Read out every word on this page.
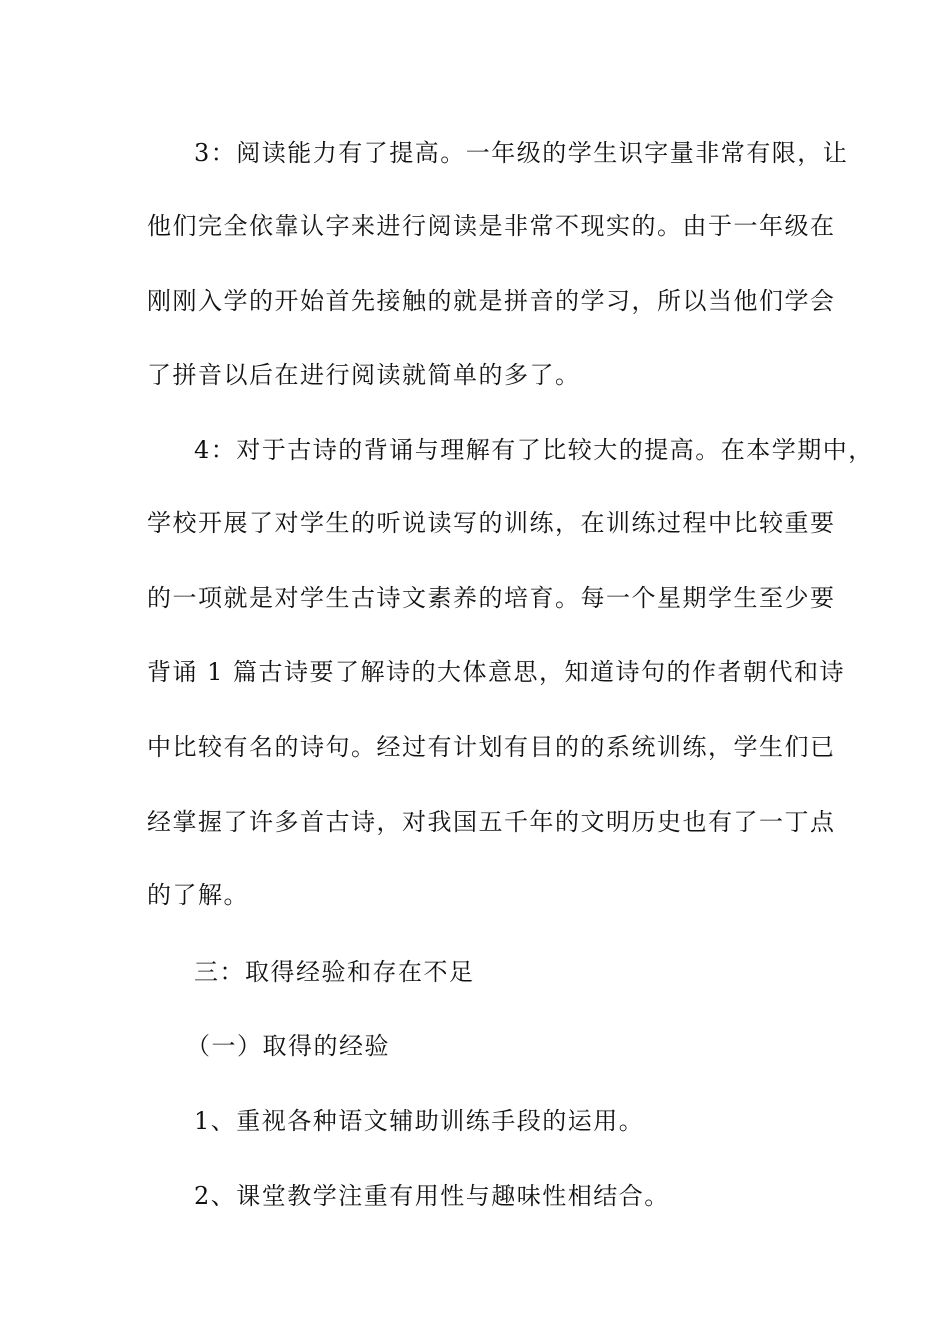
3：阅读能力有了提高。一年级的学生识字量非常有限，让
他们完全依靠认字来进行阅读是非常不现实的。由于一年级在
刚刚入学的开始首先接触的就是拼音的学习，所以当他们学会
了拼音以后在进行阅读就简单的多了。
4：对于古诗的背诵与理解有了比较大的提高。在本学期中，
学校开展了对学生的听说读写的训练，在训练过程中比较重要
的一项就是对学生古诗文素养的培育。每一个星期学生至少要
背诵 1 篇古诗要了解诗的大体意思，知道诗句的作者朝代和诗
中比较有名的诗句。经过有计划有目的的系统训练，学生们已
经掌握了许多首古诗，对我国五千年的文明历史也有了一丁点
的了解。
三：取得经验和存在不足
（一）取得的经验
1、重视各种语文辅助训练手段的运用。
2、课堂教学注重有用性与趣味性相结合。
